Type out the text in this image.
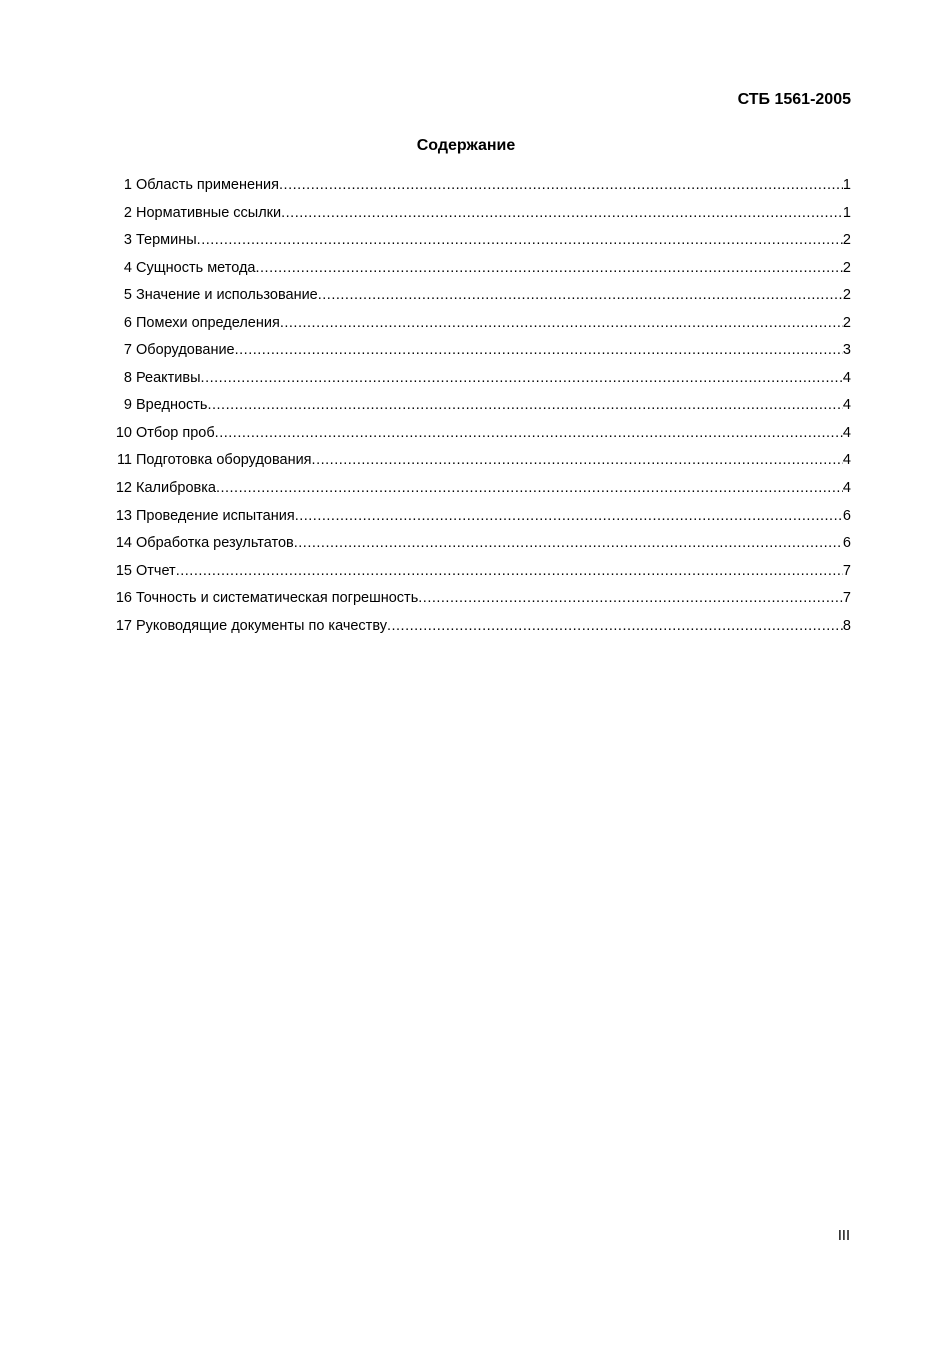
СТБ 1561-2005
Содержание
1 Область применения .....	1
2 Нормативные ссылки .....	1
3 Термины .....	2
4 Сущность метода .....	2
5 Значение и использование .....	2
6 Помехи определения .....	2
7 Оборудование .....	3
8 Реактивы .....	4
9 Вредность .....	4
10 Отбор проб .....	4
11 Подготовка оборудования .....	4
12 Калибровка .....	4
13 Проведение испытания .....	6
14 Обработка результатов .....	6
15 Отчет .....	7
16 Точность и систематическая погрешность .....	7
17 Руководящие документы по качеству .....	8
III
